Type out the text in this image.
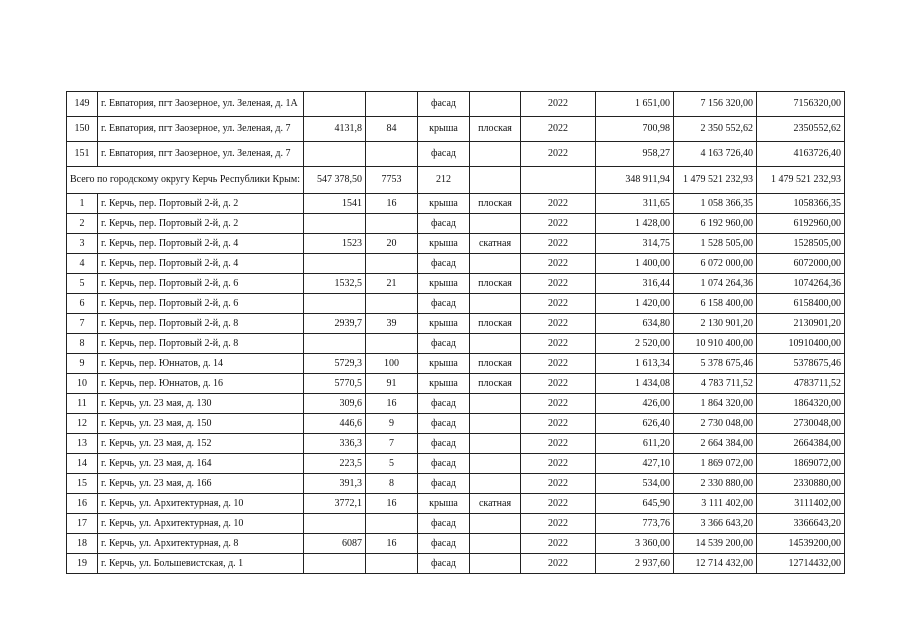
149	г. Евпатория, пгт Заозерное, ул. Зеленая, д. 1А			фасад		2022	1 651,00	7 156 320,00	7156320,00
150	г. Евпатория, пгт Заозерное, ул. Зеленая, д. 7	4131,8	84	крыша	плоская	2022	700,98	2 350 552,62	2350552,62
151	г. Евпатория, пгт Заозерное, ул. Зеленая, д. 7			фасад		2022	958,27	4 163 726,40	4163726,40
Всего по городскому округу Керчь Республики Крым:		547 378,50	7753	212			348 911,94	1 479 521 232,93	1 479 521 232,93
1	г. Керчь, пер. Портовый 2-й, д. 2	1541	16	крыша	плоская	2022	311,65	1 058 366,35	1058366,35
2	г. Керчь, пер. Портовый 2-й, д. 2			фасад		2022	1 428,00	6 192 960,00	6192960,00
3	г. Керчь, пер. Портовый 2-й, д. 4	1523	20	крыша	скатная	2022	314,75	1 528 505,00	1528505,00
4	г. Керчь, пер. Портовый 2-й, д. 4			фасад		2022	1 400,00	6 072 000,00	6072000,00
5	г. Керчь, пер. Портовый 2-й, д. 6	1532,5	21	крыша	плоская	2022	316,44	1 074 264,36	1074264,36
6	г. Керчь, пер. Портовый 2-й, д. 6			фасад		2022	1 420,00	6 158 400,00	6158400,00
7	г. Керчь, пер. Портовый 2-й, д. 8	2939,7	39	крыша	плоская	2022	634,80	2 130 901,20	2130901,20
8	г. Керчь, пер. Портовый 2-й, д. 8			фасад		2022	2 520,00	10 910 400,00	10910400,00
9	г. Керчь, пер. Юннатов, д. 14	5729,3	100	крыша	плоская	2022	1 613,34	5 378 675,46	5378675,46
10	г. Керчь, пер. Юннатов, д. 16	5770,5	91	крыша	плоская	2022	1 434,08	4 783 711,52	4783711,52
11	г. Керчь, ул. 23 мая, д. 130	309,6	16	фасад		2022	426,00	1 864 320,00	1864320,00
12	г. Керчь, ул. 23 мая, д. 150	446,6	9	фасад		2022	626,40	2 730 048,00	2730048,00
13	г. Керчь, ул. 23 мая, д. 152	336,3	7	фасад		2022	611,20	2 664 384,00	2664384,00
14	г. Керчь, ул. 23 мая, д. 164	223,5	5	фасад		2022	427,10	1 869 072,00	1869072,00
15	г. Керчь, ул. 23 мая, д. 166	391,3	8	фасад		2022	534,00	2 330 880,00	2330880,00
16	г. Керчь, ул. Архитектурная, д. 10	3772,1	16	крыша	скатная	2022	645,90	3 111 402,00	3111402,00
17	г. Керчь, ул. Архитектурная, д. 10			фасад		2022	773,76	3 366 643,20	3366643,20
18	г. Керчь, ул. Архитектурная, д. 8	6087	16	фасад		2022	3 360,00	14 539 200,00	14539200,00
19	г. Керчь, ул. Большевистская, д. 1			фасад		2022	2 937,60	12 714 432,00	12714432,00
